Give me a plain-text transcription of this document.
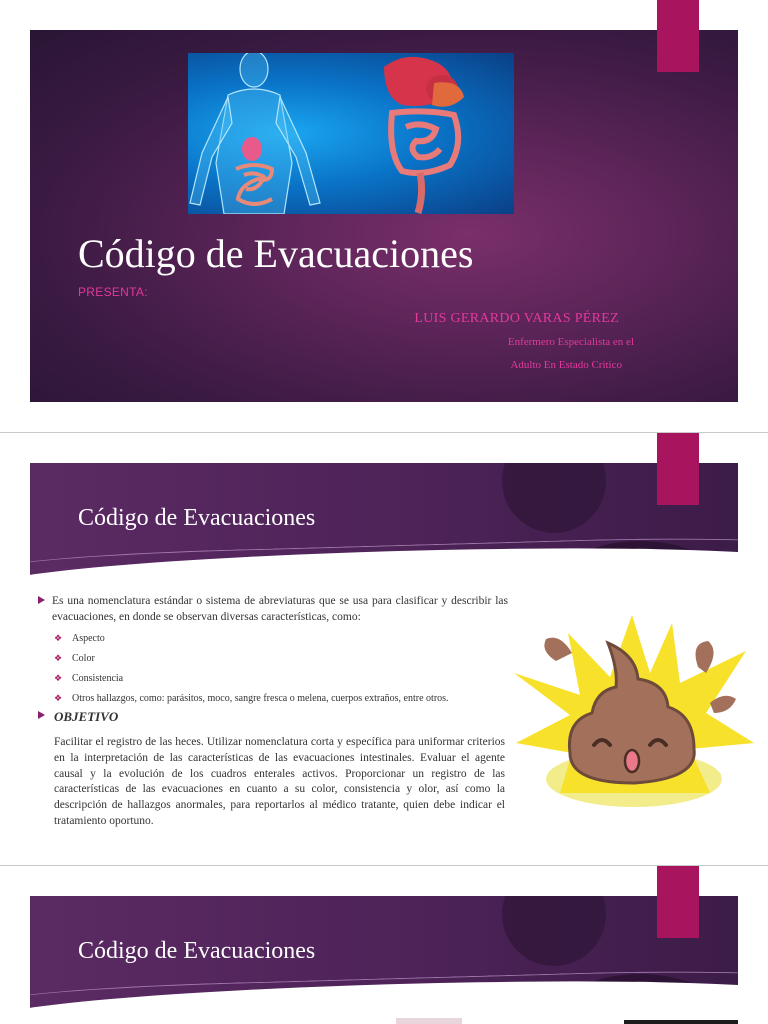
Código de Evacuaciones
PRESENTA:
LUIS GERARDO VARAS PÉREZ
Enfermero Especialista en el
Adulto En Estado Critico
Código de Evacuaciones
Es una nomenclatura estándar o sistema de abreviaturas que se usa para clasificar y describir las evacuaciones, en donde se observan diversas características, como:
❖ Aspecto
❖ Color
❖ Consistencia
❖ Otros hallazgos, como: parásitos, moco, sangre fresca o melena, cuerpos extraños, entre otros.
OBJETIVO
Facilitar el registro de las heces. Utilizar nomenclatura corta y específica para uniformar criterios en la interpretación de las características de las evacuaciones intestinales. Evaluar el agente causal y la evolución de los cuadros enterales activos. Proporcionar un registro de las características de las evacuaciones en cuanto a su color, consistencia y olor, así como la descripción de hallazgos anormales, para reportarlos al médico tratante, quien debe indicar el tratamiento oportuno.
Código de Evacuaciones
